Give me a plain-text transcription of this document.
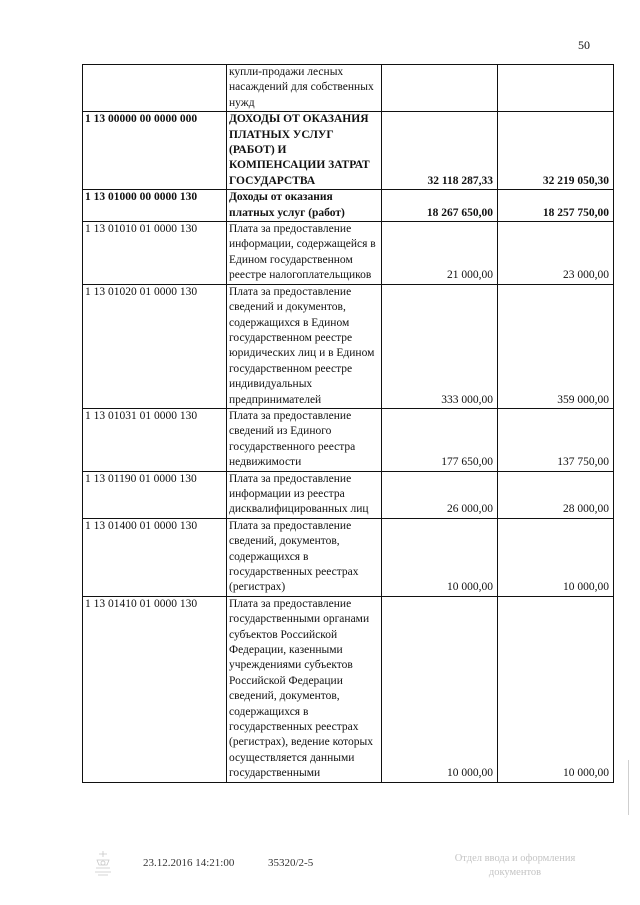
50
	купли-продажи лесных насаждений для собственных нужд		
1 13 00000 00 0000 000	ДОХОДЫ ОТ ОКАЗАНИЯ ПЛАТНЫХ УСЛУГ (РАБОТ) И КОМПЕНСАЦИИ ЗАТРАТ ГОСУДАРСТВА	32 118 287,33	32 219 050,30
1 13 01000 00 0000 130	Доходы от оказания платных услуг (работ)	18 267 650,00	18 257 750,00
1 13 01010 01 0000 130	Плата за предоставление информации, содержащейся в Едином государственном реестре налогоплательщиков	21 000,00	23 000,00
1 13 01020 01 0000 130	Плата за предоставление сведений и документов, содержащихся в Едином государственном реестре юридических лиц и в Едином государственном реестре индивидуальных предпринимателей	333 000,00	359 000,00
1 13 01031 01 0000 130	Плата за предоставление сведений из Единого государственного реестра недвижимости	177 650,00	137 750,00
1 13 01190 01 0000 130	Плата за предоставление информации из реестра дисквалифицированных лиц	26 000,00	28 000,00
1 13 01400 01 0000 130	Плата за предоставление сведений, документов, содержащихся в государственных реестрах (регистрах)	10 000,00	10 000,00
1 13 01410 01 0000 130	Плата за предоставление государственными органами субъектов Российской Федерации, казенными учреждениями субъектов Российской Федерации сведений, документов, содержащихся в государственных реестрах (регистрах), ведение которых осуществляется данными государственными	10 000,00	10 000,00
23.12.2016 14:21:00	35320/2-5	Отдел ввода и оформления
документов
